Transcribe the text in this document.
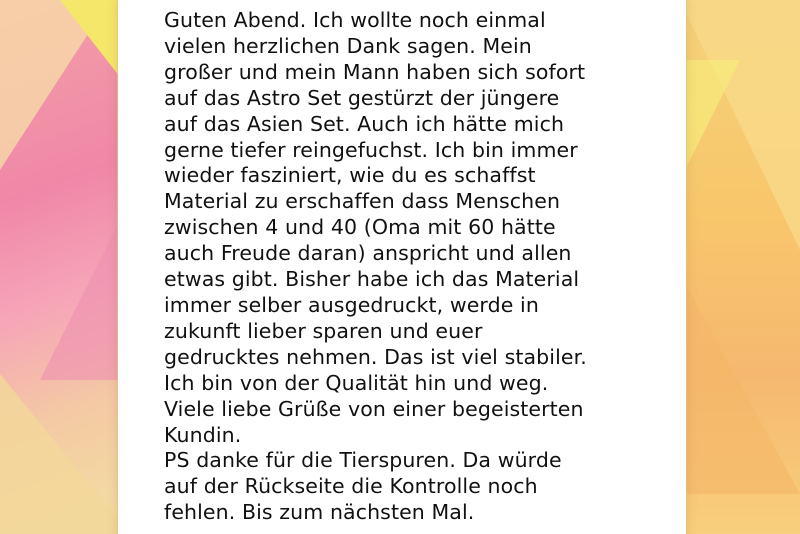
Guten Abend. Ich wollte noch einmal
vielen herzlichen Dank sagen. Mein
großer und mein Mann haben sich sofort
auf das Astro Set gestürzt der jüngere
auf das Asien Set. Auch ich hätte mich
gerne tiefer reingefuchst. Ich bin immer
wieder fasziniert, wie du es schaffst
Material zu erschaffen dass Menschen
zwischen 4 und 40 (Oma mit 60 hätte
auch Freude daran) anspricht und allen
etwas gibt. Bisher habe ich das Material
immer selber ausgedruckt, werde in
zukunft lieber sparen und euer
gedrucktes nehmen. Das ist viel stabiler.
Ich bin von der Qualität hin und weg.
Viele liebe Grüße von einer begeisterten
Kundin.
PS danke für die Tierspuren. Da würde
auf der Rückseite die Kontrolle noch
fehlen. Bis zum nächsten Mal.
